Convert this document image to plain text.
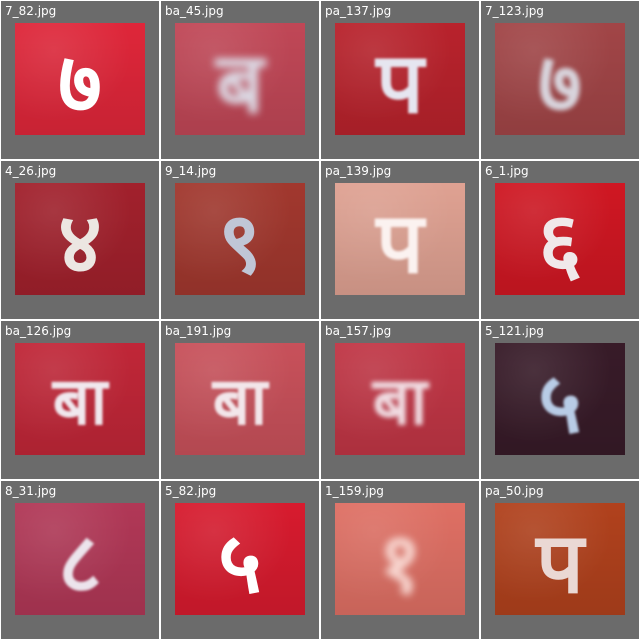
7_82.jpg
७
ba_45.jpg
ब
pa_137.jpg
प
7_123.jpg
७
4_26.jpg
४
9_14.jpg
९
pa_139.jpg
प
6_1.jpg
६
ba_126.jpg
बा
ba_191.jpg
बा
ba_157.jpg
बा
5_121.jpg
५
8_31.jpg
८
5_82.jpg
५
1_159.jpg
१
pa_50.jpg
प
